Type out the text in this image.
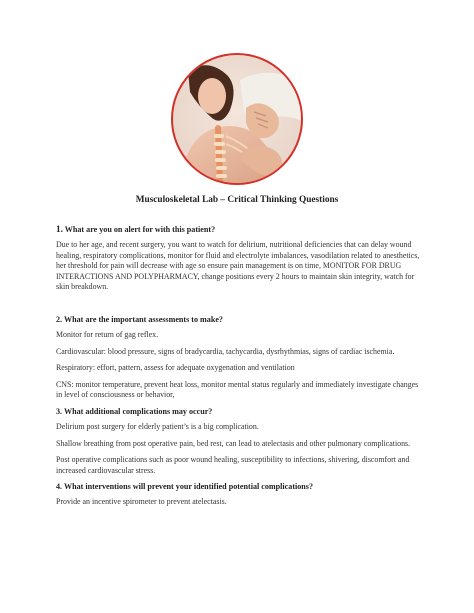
Musculoskeletal Lab – Critical Thinking Questions
1. What are you on alert for with this patient?
Due to her age, and recent surgery, you want to watch for delirium, nutritional deficiencies that can delay wound healing, respiratory complications, monitor for fluid and electrolyte imbalances, vasodilation related to anesthetics, her threshold for pain will decrease with age so ensure pain management is on time, MONITOR FOR DRUG INTERACTIONS AND POLYPHARMACY, change positions every 2 hours to maintain skin integrity, watch for skin breakdown.
2. What are the important assessments to make?
Monitor for return of gag reflex.
Cardiovascular: blood pressure, signs of bradycardia, tachycardia, dysrhythmias, signs of cardiac ischemia.
Respiratory: effort, pattern, assess for adequate oxygenation and ventilation
CNS: monitor temperature, prevent heat loss, monitor mental status regularly and immediately investigate changes in level of consciousness or behavior,
3. What additional complications may occur?
Delirium post surgery for elderly patient’s is a big complication.
Shallow breathing from post operative pain, bed rest, can lead to atelectasis and other pulmonary complications.
Post operative complications such as poor wound healing, susceptibility to infections, shivering, discomfort and increased cardiovascular stress.
4. What interventions will prevent your identified potential complications?
Provide an incentive spirometer to prevent atelectasis.
